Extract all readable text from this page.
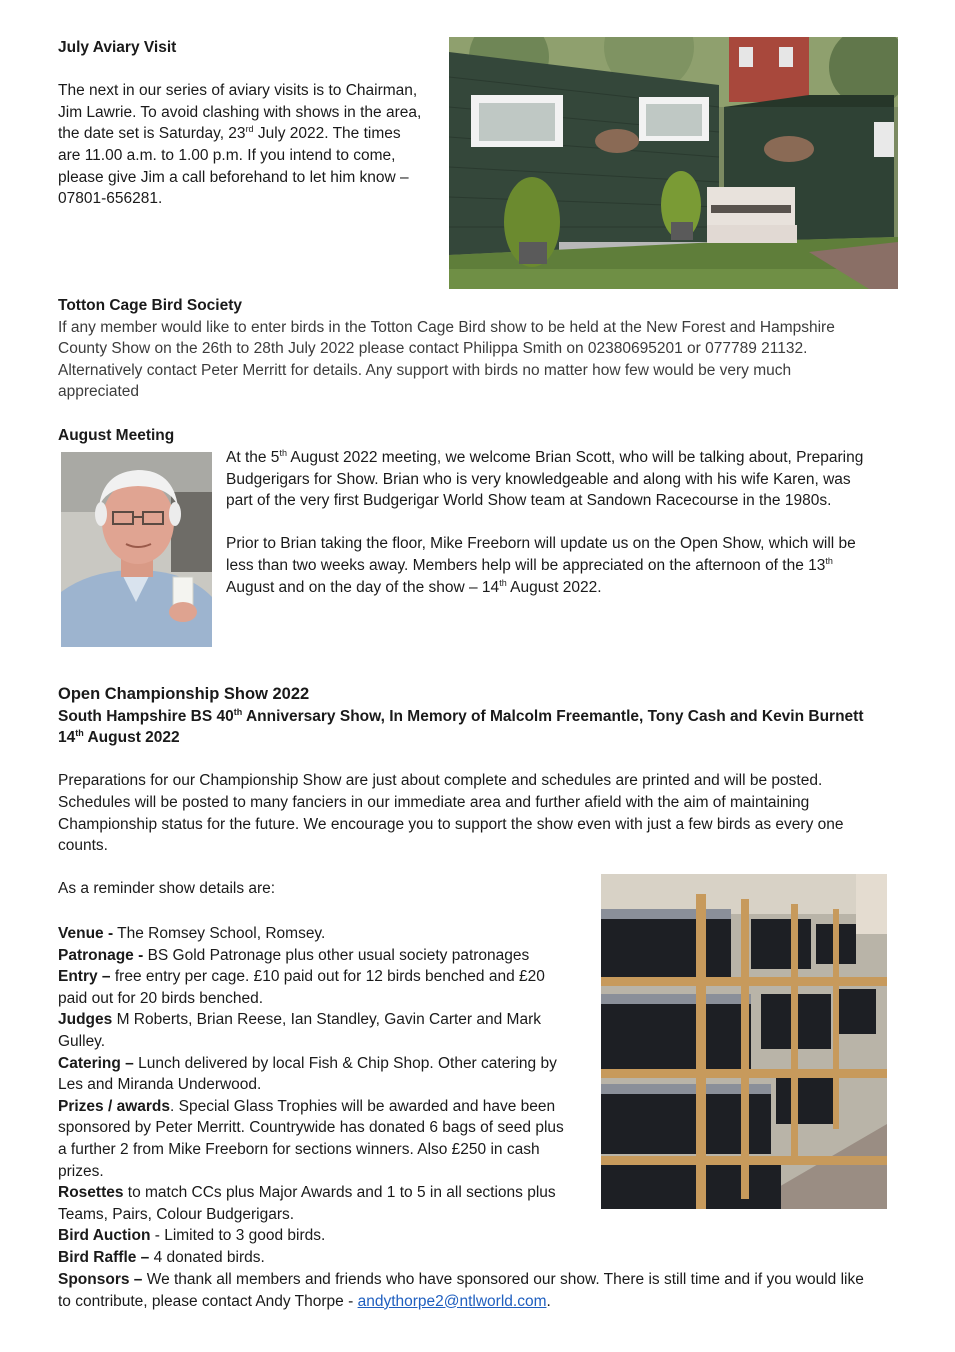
July Aviary Visit

The next in our series of aviary visits is to Chairman,

Jim Lawrie. To avoid clashing with shows in the area,

the date set is Saturday, 23rd July 2022. The times

are 11.00 a.m. to 1.00 p.m. If you intend to come,

please give Jim a call beforehand to let him know –

07801-656281.

Totton Cage Bird Society

If any member would like to enter birds in the Totton Cage Bird show to be held at the New Forest and Hampshire

County Show on the 26th to 28th July 2022 please contact Philippa Smith on 02380695201 or 077789 21132.

Alternatively contact Peter Merritt for details. Any support with birds no matter how few would be very much

appreciated

August Meeting

At the 5th August 2022 meeting, we welcome Brian Scott, who will be talking about, Preparing

Budgerigars for Show. Brian who is very knowledgeable and along with his wife Karen, was

part of the very first Budgerigar World Show team at Sandown Racecourse in the 1980s.

Prior to Brian taking the floor, Mike Freeborn will update us on the Open Show, which will be

less than two weeks away. Members help will be appreciated on the afternoon of the 13th

August and on the day of the show – 14th August 2022.

Open Championship Show 2022

South Hampshire BS 40th Anniversary Show, In Memory of Malcolm Freemantle, Tony Cash and Kevin Burnett

14th August 2022

Preparations for our Championship Show are just about complete and schedules are printed and will be posted.

Schedules will be posted to many fanciers in our immediate area and further afield with the aim of maintaining

Championship status for the future. We encourage you to support the show even with just a few birds as every one

counts.

As a reminder show details are:

Venue - The Romsey School, Romsey.

Patronage - BS Gold Patronage plus other usual society patronages

Entry – free entry per cage. £10 paid out for 12 birds benched and £20

paid out for 20 birds benched.

Judges M Roberts, Brian Reese, Ian Standley, Gavin Carter and Mark

Gulley.

Catering – Lunch delivered by local Fish & Chip Shop. Other catering by

Les and Miranda Underwood.

Prizes / awards. Special Glass Trophies will be awarded and have been

sponsored by Peter Merritt. Countrywide has donated 6 bags of seed plus

a further 2 from Mike Freeborn for sections winners. Also £250 in cash

prizes.

Rosettes to match CCs plus Major Awards and 1 to 5 in all sections plus

Teams, Pairs, Colour Budgerigars.

Bird Auction - Limited to 3 good birds.

Bird Raffle – 4 donated birds.

Sponsors – We thank all members and friends who have sponsored our show. There is still time and if you would like

to contribute, please contact Andy Thorpe - andythorpe2@ntlworld.com.
